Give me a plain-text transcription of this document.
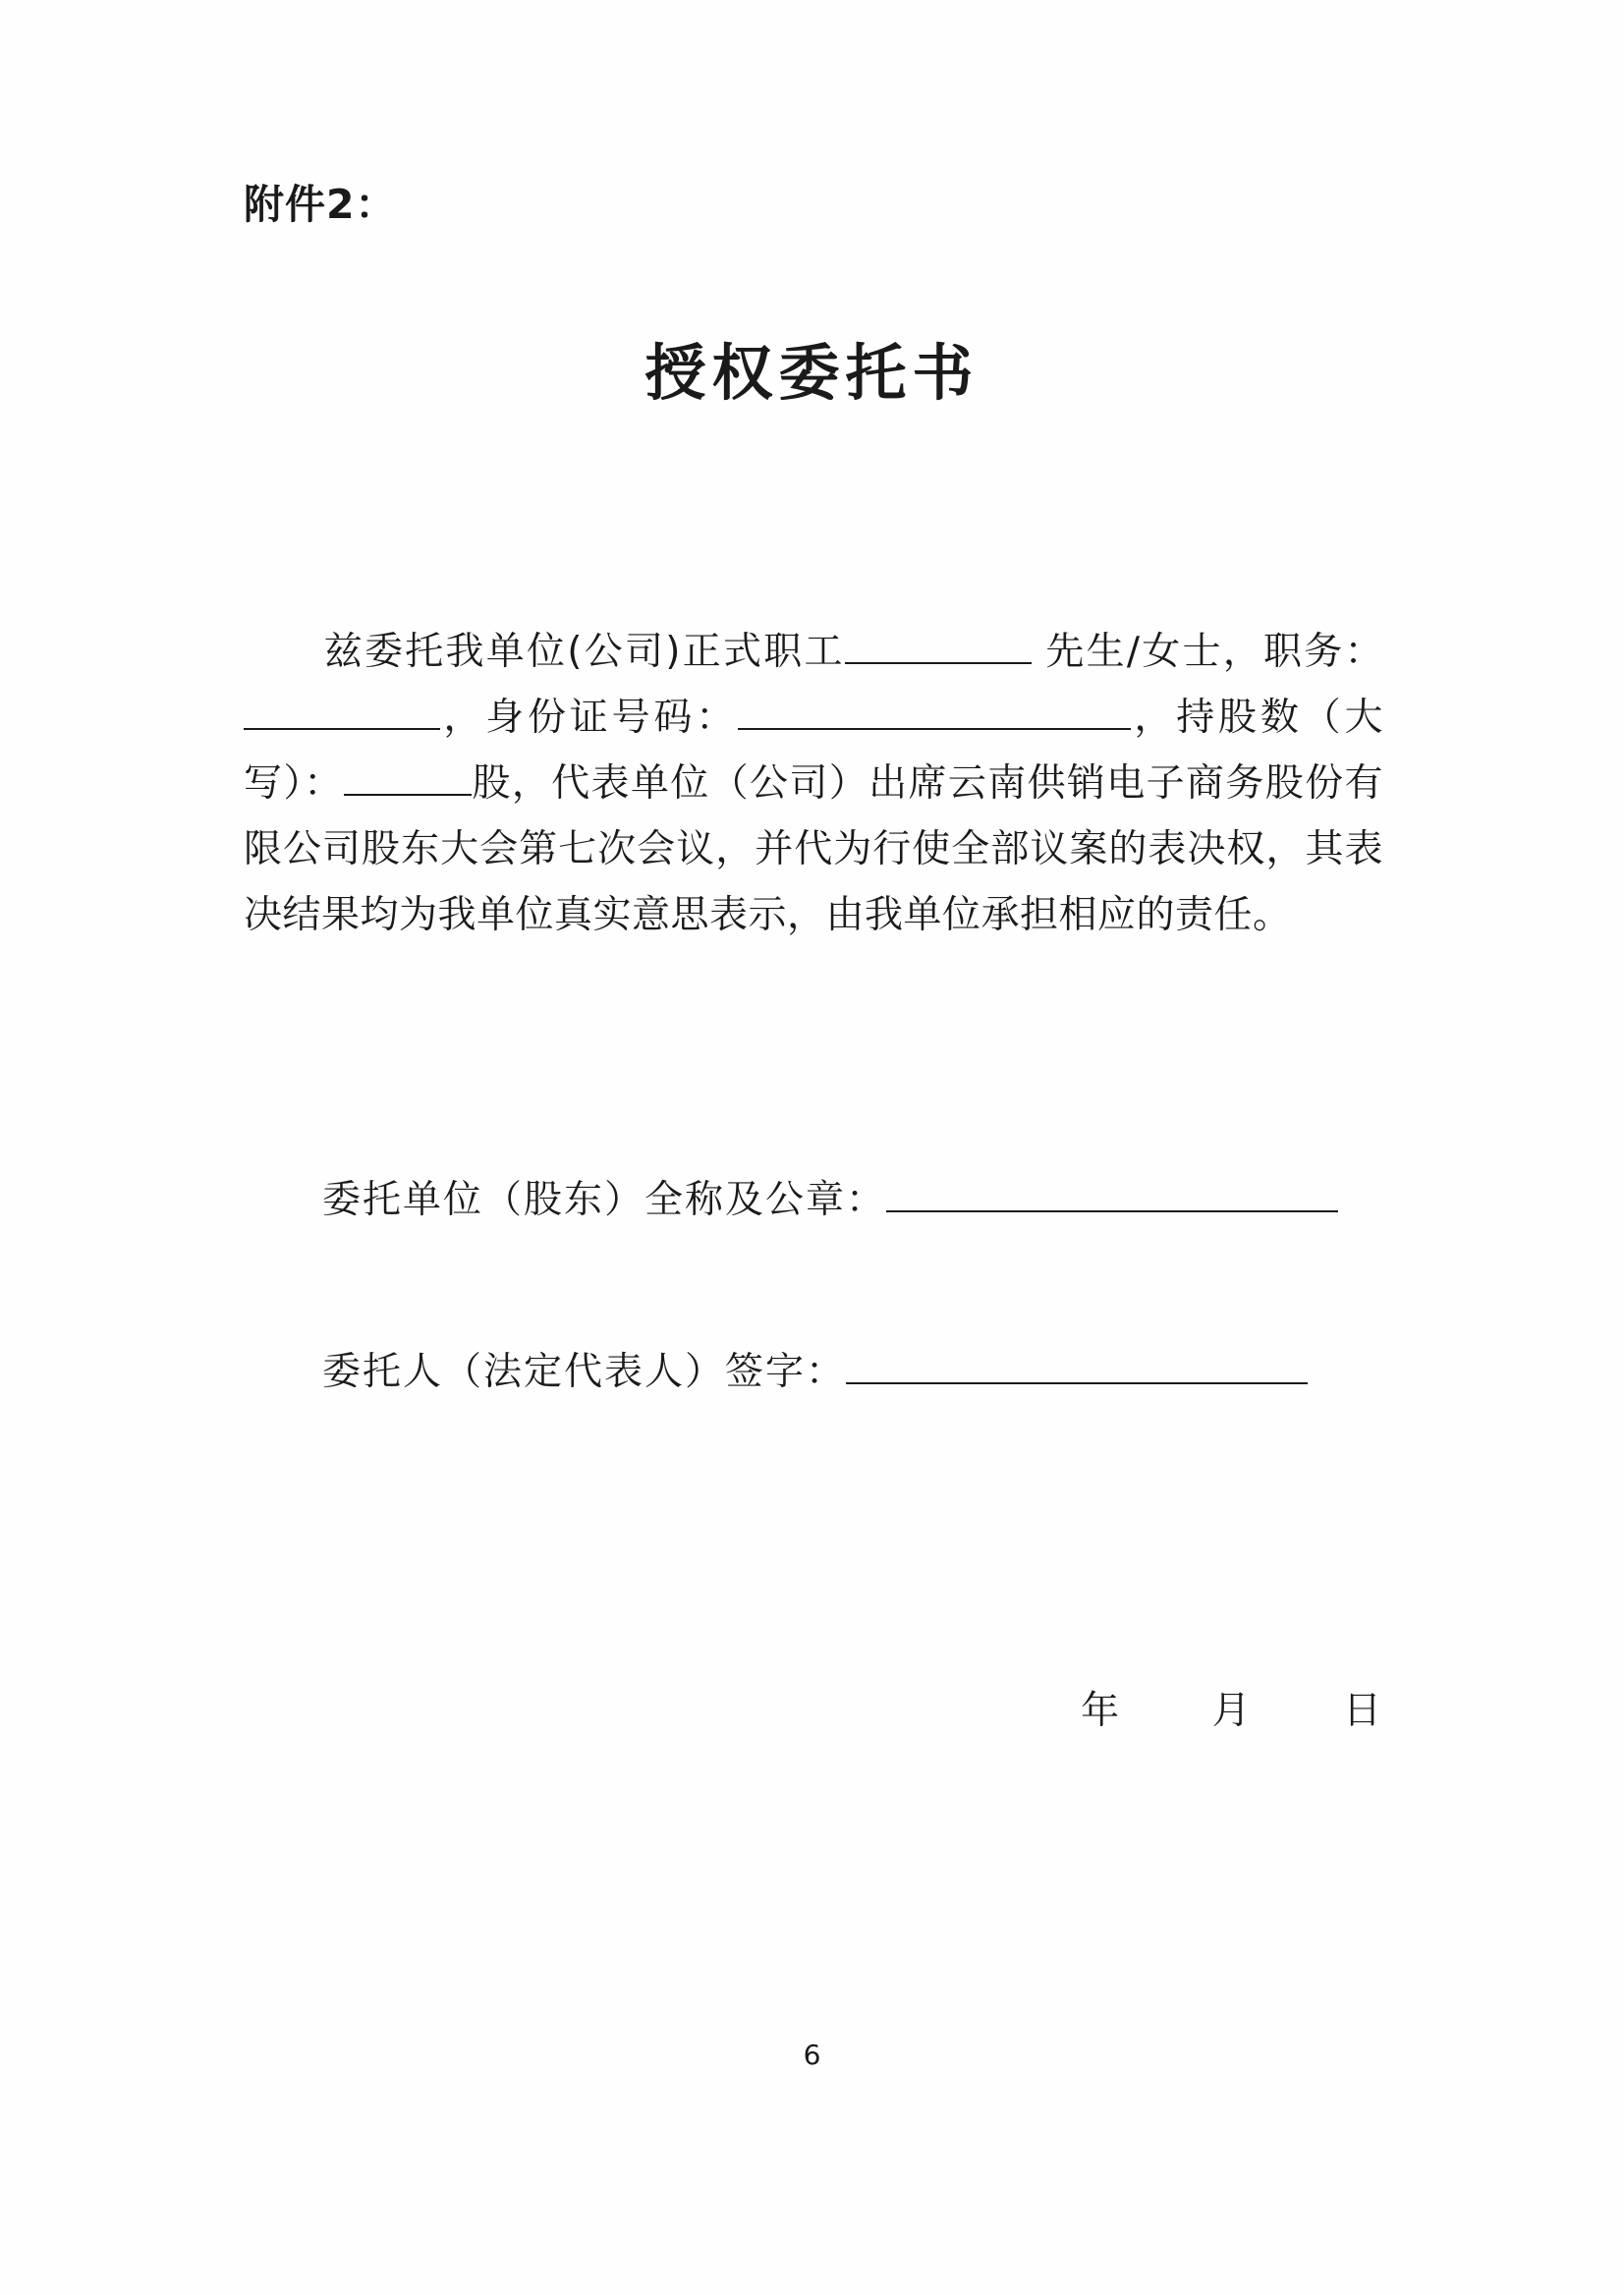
附件2：
授权委托书

兹委托我单位(公司)正式职工	先生/女士，职务：，身份证号码：	，持股数（大写）：	股，代表单位（公司）出席云南供销电子商务股份有限公司股东大会第七次会议，并代为行使全部议案的表决权，其表决结果均为我单位真实意思表示，由我单位承担相应的责任。

委托单位（股东）全称及公章：
委托人（法定代表人）签字：
年 月 日
6
